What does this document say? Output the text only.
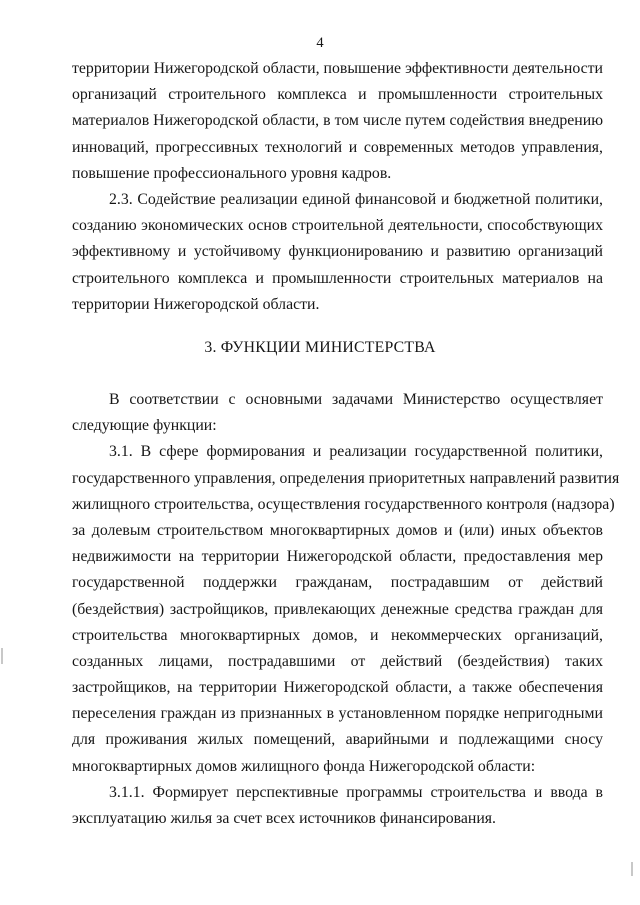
4
территории Нижегородской области, повышение эффективности деятельности
организаций строительного комплекса и промышленности строительных
материалов Нижегородской области, в том числе путем содействия внедрению
инноваций, прогрессивных технологий и современных методов управления,
повышение профессионального уровня кадров.
2.3. Содействие реализации единой финансовой и бюджетной политики,
созданию экономических основ строительной деятельности, способствующих
эффективному и устойчивому функционированию и развитию организаций
строительного комплекса и промышленности строительных материалов на
территории Нижегородской области.
3. ФУНКЦИИ МИНИСТЕРСТВА
В соответствии с основными задачами Министерство осуществляет
следующие функции:
3.1. В сфере формирования и реализации государственной политики,
государственного управления, определения приоритетных направлений развития
жилищного строительства, осуществления государственного контроля (надзора)
за долевым строительством многоквартирных домов и (или) иных объектов
недвижимости на территории Нижегородской области, предоставления мер
государственной поддержки гражданам, пострадавшим от действий
(бездействия) застройщиков, привлекающих денежные средства граждан для
строительства многоквартирных домов, и некоммерческих организаций,
созданных лицами, пострадавшими от действий (бездействия) таких
застройщиков, на территории Нижегородской области, а также обеспечения
переселения граждан из признанных в установленном порядке непригодными
для проживания жилых помещений, аварийными и подлежащими сносу
многоквартирных домов жилищного фонда Нижегородской области:
3.1.1. Формирует перспективные программы строительства и ввода в
эксплуатацию жилья за счет всех источников финансирования.
